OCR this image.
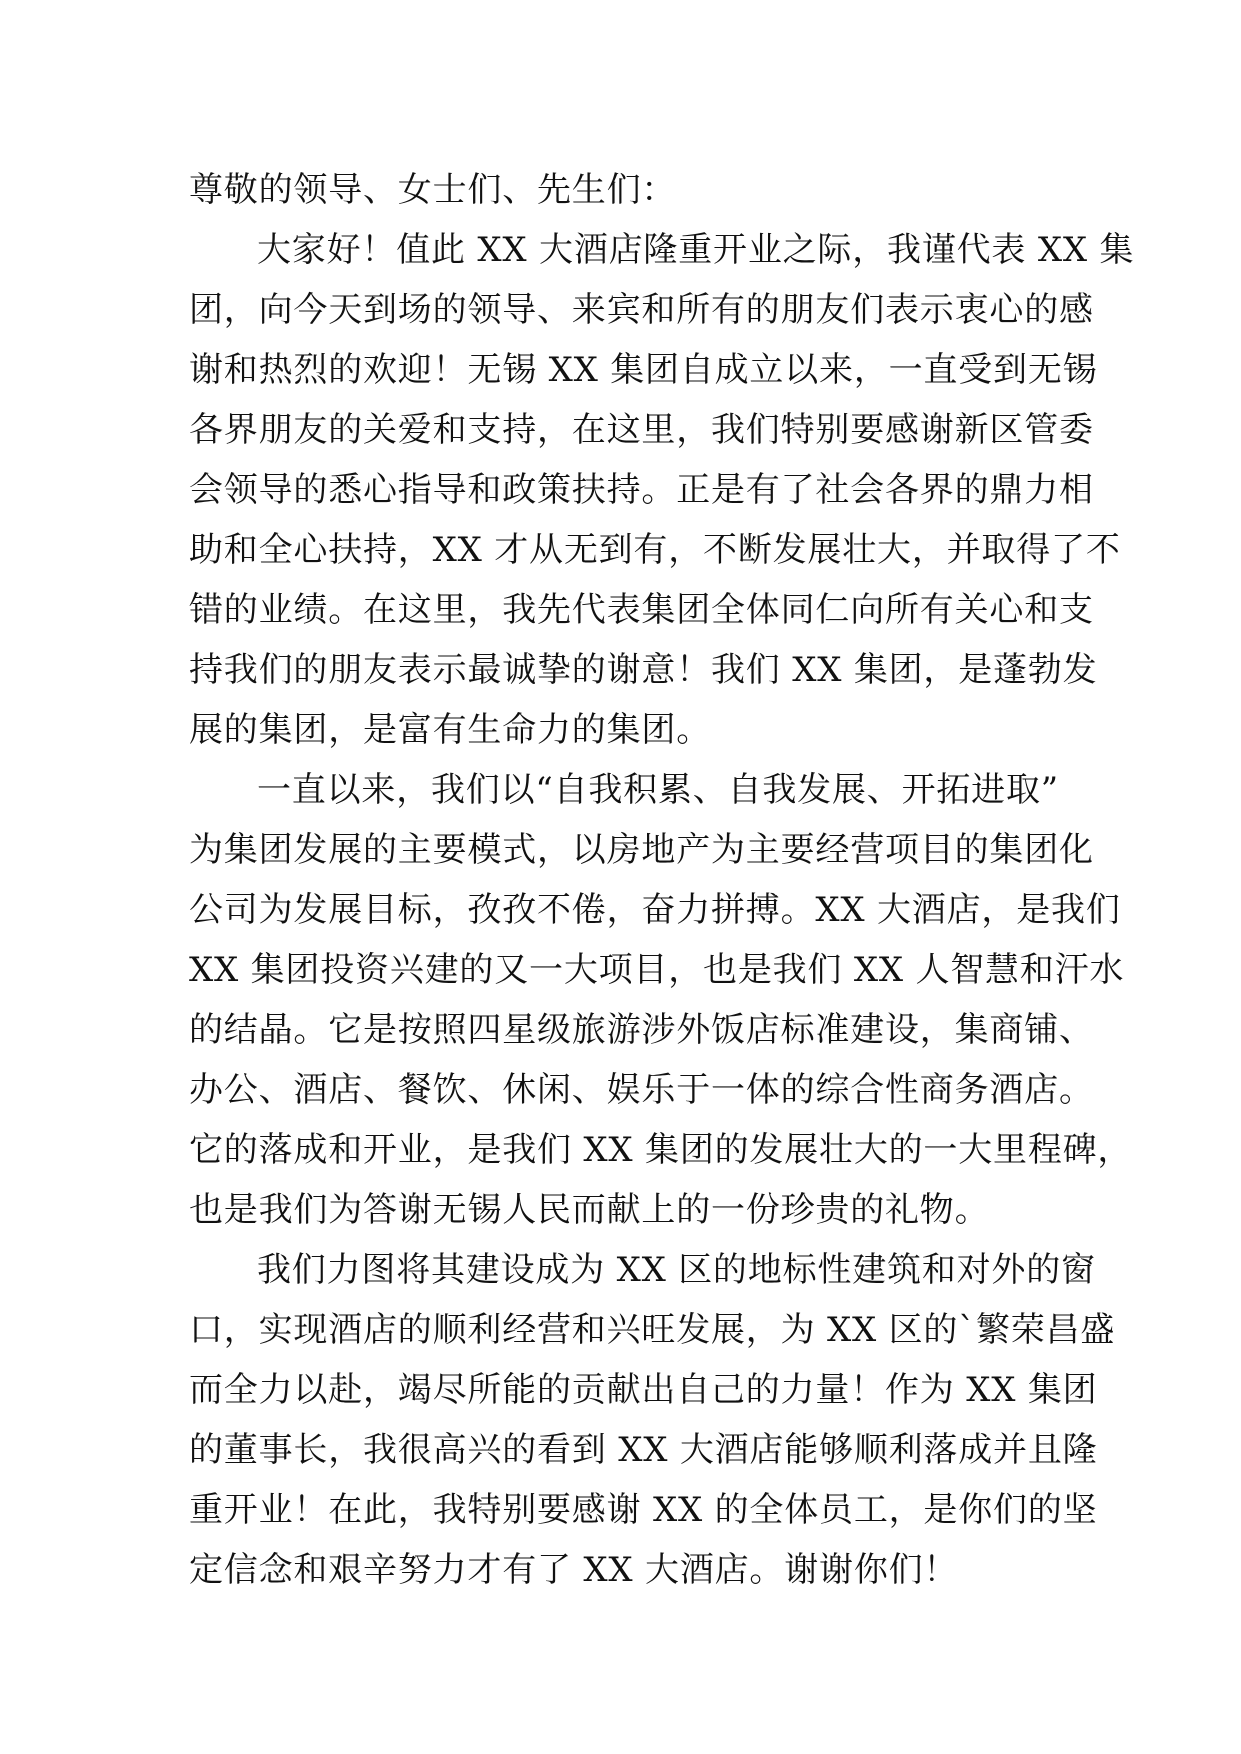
尊敬的领导、女士们、先生们：
大家好！值此 XX 大酒店隆重开业之际，我谨代表 XX 集
团，向今天到场的领导、来宾和所有的朋友们表示衷心的感
谢和热烈的欢迎！无锡 XX 集团自成立以来，一直受到无锡
各界朋友的关爱和支持，在这里，我们特别要感谢新区管委
会领导的悉心指导和政策扶持。正是有了社会各界的鼎力相
助和全心扶持，XX 才从无到有，不断发展壮大，并取得了不
错的业绩。在这里，我先代表集团全体同仁向所有关心和支
持我们的朋友表示最诚挚的谢意！我们 XX 集团，是蓬勃发
展的集团，是富有生命力的集团。
一直以来，我们以“自我积累、自我发展、开拓进取”
为集团发展的主要模式，以房地产为主要经营项目的集团化
公司为发展目标，孜孜不倦，奋力拼搏。XX 大酒店，是我们
XX 集团投资兴建的又一大项目，也是我们 XX 人智慧和汗水
的结晶。它是按照四星级旅游涉外饭店标准建设，集商铺、
办公、酒店、餐饮、休闲、娱乐于一体的综合性商务酒店。
它的落成和开业，是我们 XX 集团的发展壮大的一大里程碑，
也是我们为答谢无锡人民而献上的一份珍贵的礼物。
我们力图将其建设成为 XX 区的地标性建筑和对外的窗
口，实现酒店的顺利经营和兴旺发展，为 XX 区的`繁荣昌盛
而全力以赴，竭尽所能的贡献出自己的力量！作为 XX 集团
的董事长，我很高兴的看到 XX 大酒店能够顺利落成并且隆
重开业！在此，我特别要感谢 XX 的全体员工，是你们的坚
定信念和艰辛努力才有了 XX 大酒店。谢谢你们！
